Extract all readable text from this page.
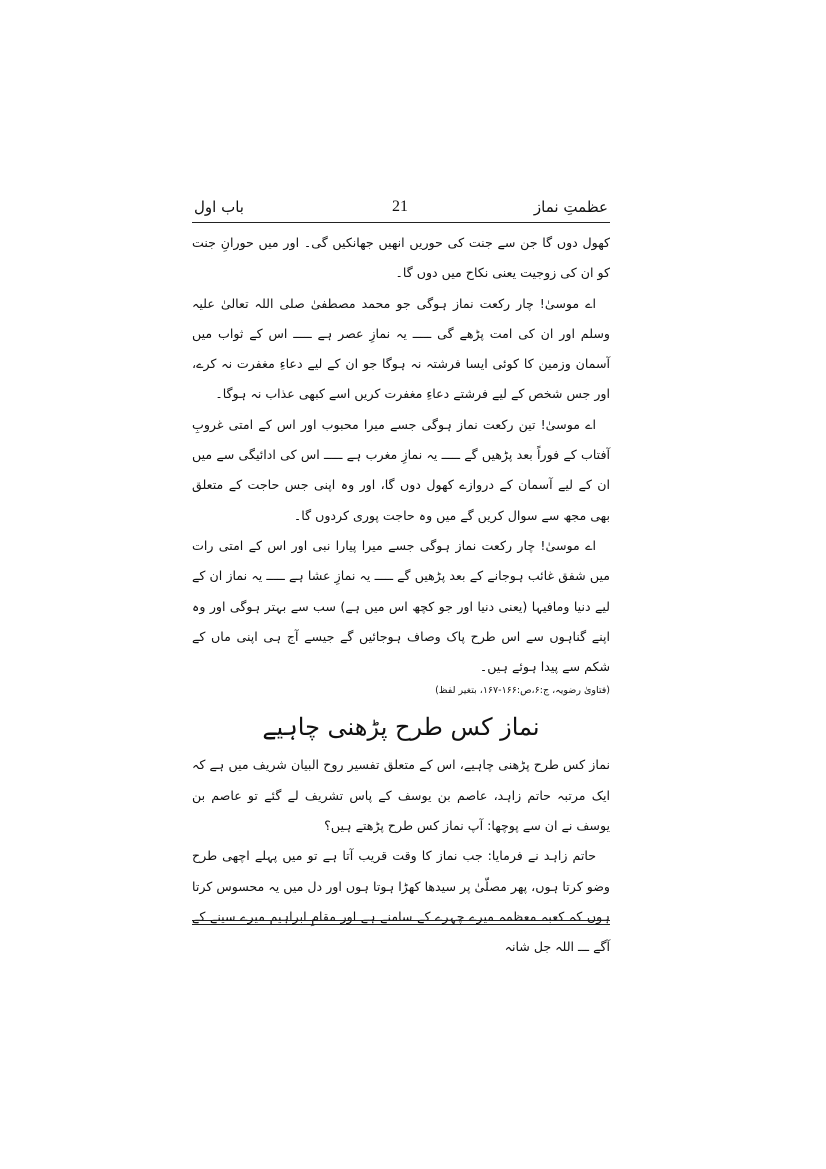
عظمتِ نماز
21
باب اول

کھول دوں گا جن سے جنت کی حوریں انھیں جھانکیں گی۔ اور میں حورانِ جنت کو ان کی زوجیت یعنی نکاح میں دوں گا۔

اے موسیٰ! چار رکعت نماز ہوگی جو محمد مصطفیٰ صلی اللہ تعالیٰ علیہ وسلم اور ان کی امت پڑھے گی ـــــ یہ نمازِ عصر ہے ـــــ اس کے ثواب میں آسمان وزمین کا کوئی ایسا فرشتہ نہ ہوگا جو ان کے لیے دعاءِ مغفرت نہ کرے، اور جس شخص کے لیے فرشتے دعاءِ مغفرت کریں اسے کبھی عذاب نہ ہوگا۔

اے موسیٰ! تین رکعت نماز ہوگی جسے میرا محبوب اور اس کے امتی غروبِ آفتاب کے فوراً بعد پڑھیں گے ـــــ یہ نمازِ مغرب ہے ـــــ اس کی ادائیگی سے میں ان کے لیے آسمان کے دروازے کھول دوں گا، اور وہ اپنی جس حاجت کے متعلق بھی مجھ سے سوال کریں گے میں وہ حاجت پوری کردوں گا۔

اے موسیٰ! چار رکعت نماز ہوگی جسے میرا پیارا نبی اور اس کے امتی رات میں شفق غائب ہوجانے کے بعد پڑھیں گے ـــــ یہ نمازِ عشا ہے ـــــ یہ نماز ان کے لیے دنیا ومافیہا (یعنی دنیا اور جو کچھ اس میں ہے) سب سے بہتر ہوگی اور وہ اپنے گناہوں سے اس طرح پاک وصاف ہوجائیں گے جیسے آج ہی اپنی ماں کے شکم سے پیدا ہوئے ہیں۔

(فتاویٰ رضویہ، ج:۶،ص:۱۶۶-۱۶۷، بتغیر لفظ)

نماز کس طرح پڑھنی چاہیے

نماز کس طرح پڑھنی چاہیے، اس کے متعلق تفسیر روح البیان شریف میں ہے کہ ایک مرتبہ حاتم زاہد، عاصم بن یوسف کے پاس تشریف لے گئے تو عاصم بن یوسف نے ان سے پوچھا: آپ نماز کس طرح پڑھتے ہیں؟

حاتم زاہد نے فرمایا: جب نماز کا وقت قریب آتا ہے تو میں پہلے اچھی طرح وضو کرتا ہوں، پھر مصلّیٰ پر سیدھا کھڑا ہوتا ہوں اور دل میں یہ محسوس کرتا ہوں کہ کعبہ معظمہ میرے چہرے کے سامنے ہے اور مقامِ ابراہیم میرے سینے کے آگے ـــ اللہ جل شانہ
